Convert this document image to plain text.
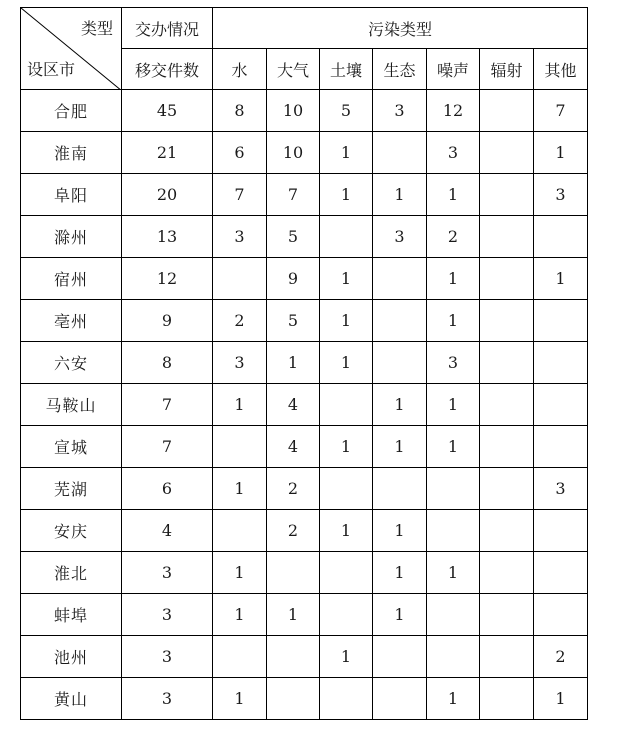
类型
设区市	交办情况	污染类型						
	移交件数	水	大气	土壤	生态	噪声	辐射	其他
合肥	45	8	10	5	3	12		7
淮南	21	6	10	1		3		1
阜阳	20	7	7	1	1	1		3
滁州	13	3	5		3	2		
宿州	12		9	1		1		1
亳州	9	2	5	1		1		
六安	8	3	1	1		3		
马鞍山	7	1	4		1	1		
宣城	7		4	1	1	1		
芜湖	6	1	2					3
安庆	4		2	1	1			
淮北	3	1			1	1		
蚌埠	3	1	1		1			
池州	3			1				2
黄山	3	1				1		1
